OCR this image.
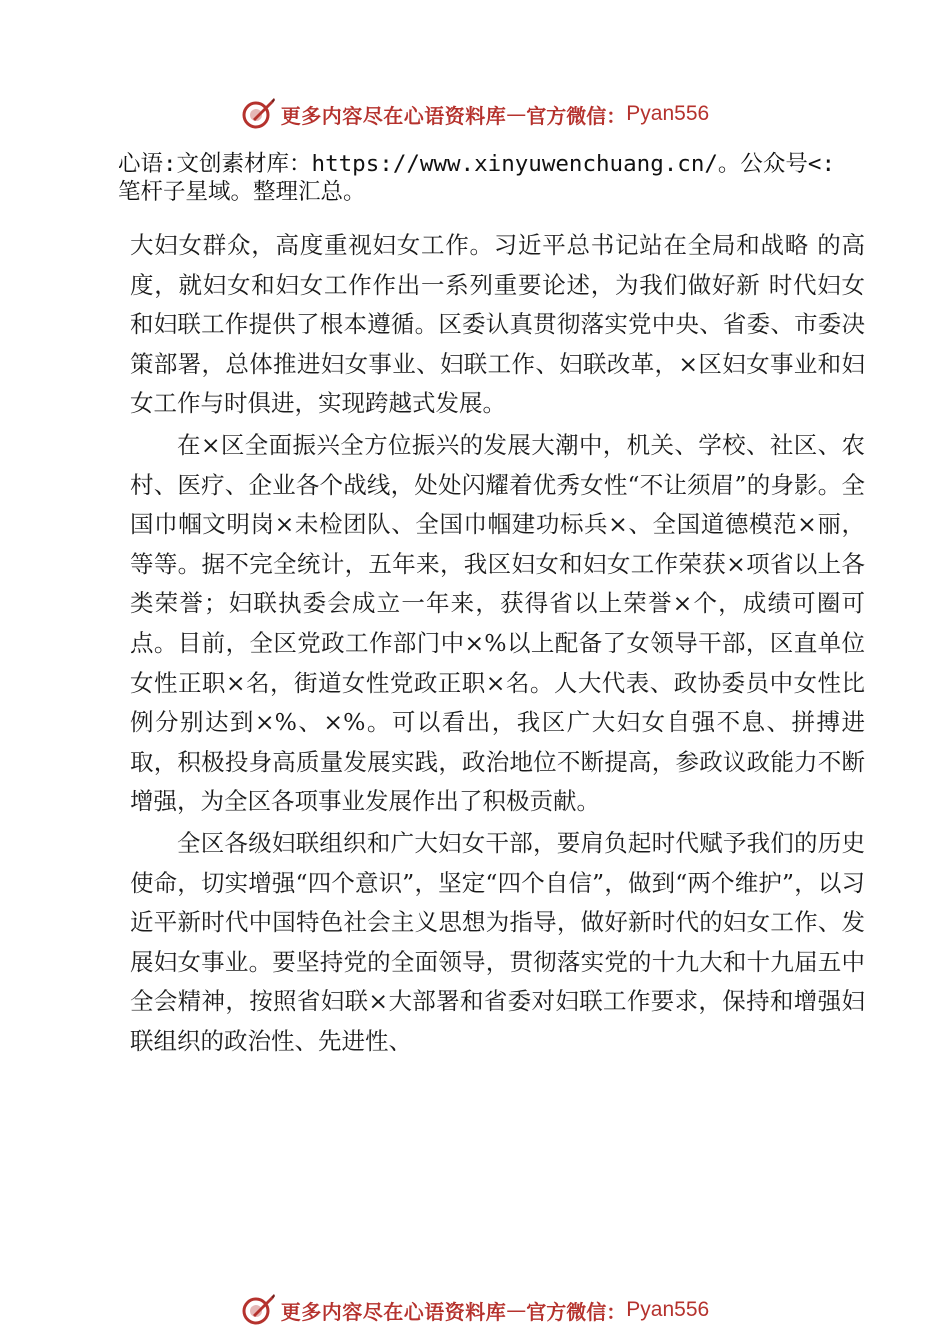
更多内容尽在心语资料库 — 官方微信： Pyan556
心语:文创素材库：https://www.xinyuwenchuang.cn/。公众号<:
笔杆子星域。整理汇总。

大妇女群众，高度重视妇女工作。习近平总书记站在全局和战略 的高度，就妇女和妇女工作作出一系列重要论述，为我们做好新 时代妇女和妇联工作提供了根本遵循。区委认真贯彻落实党中央、省委、市委决策部署，总体推进妇女事业、妇联工作、妇联改革，×区妇女事业和妇女工作与时俱进，实现跨越式发展。

在×区全面振兴全方位振兴的发展大潮中，机关、学校、社区、农村、医疗、企业各个战线，处处闪耀着优秀女性“不让须眉”的身影。全国巾帼文明岗×未检团队、全国巾帼建功标兵×、全国道德模范×丽，等等。据不完全统计，五年来，我区妇女和妇女工作荣获×项省以上各类荣誉；妇联执委会成立一年来，获得省以上荣誉×个，成绩可圈可点。目前，全区党政工作部门中×%以上配备了女领导干部，区直单位女性正职×名，街道女性党政正职×名。人大代表、政协委员中女性比例分别达到×%、×%。可以看出，我区广大妇女自强不息、拼搏进取，积极投身高质量发展实践，政治地位不断提高，参政议政能力不断增强，为全区各项事业发展作出了积极贡献。

全区各级妇联组织和广大妇女干部，要肩负起时代赋予我们的历史使命，切实增强“四个意识”，坚定“四个自信”，做到“两个维护”，以习近平新时代中国特色社会主义思想为指导，做好新时代的妇女工作、发展妇女事业。要坚持党的全面领导，贯彻落实党的十九大和十九届五中全会精神，按照省妇联×大部署和省委对妇联工作要求，保持和增强妇联组织的政治性、先进性、

更多内容尽在心语资料库 — 官方微信： Pyan556
